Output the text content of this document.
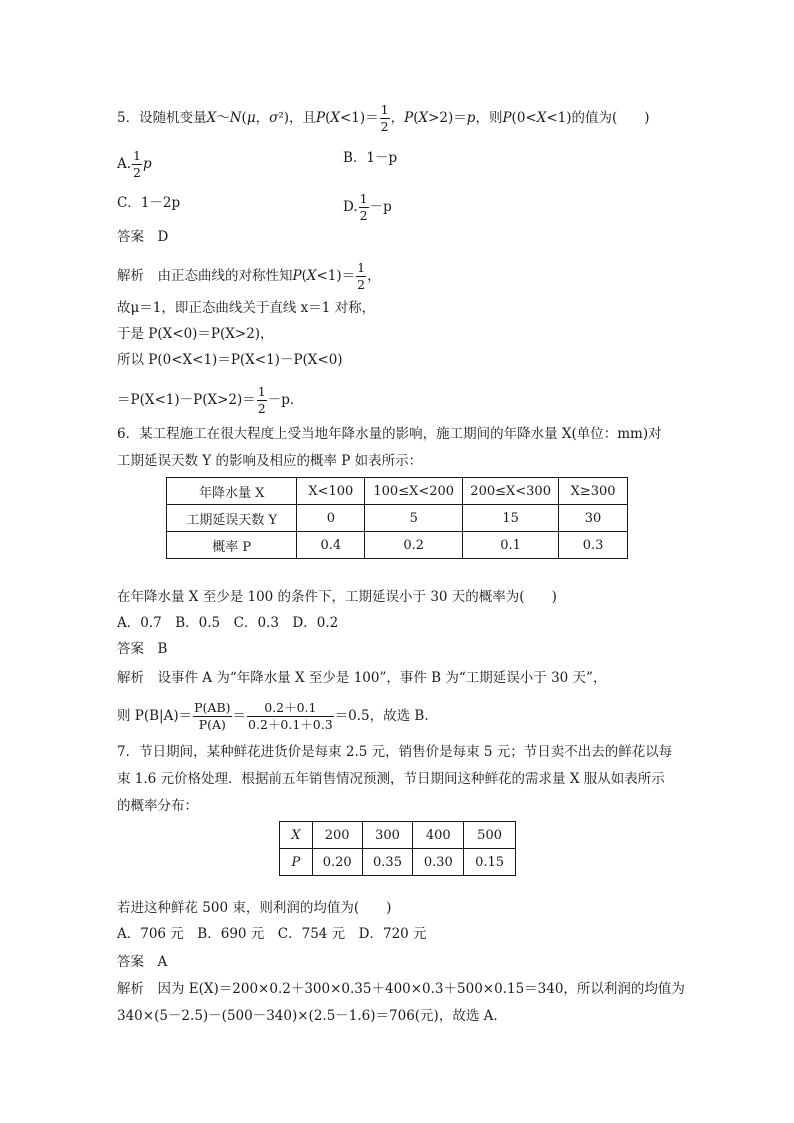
5．设随机变量X～N(μ，σ²)，且$P(X<1)= \frac{1}{2}$ ，P(X>2)＝p，则P(0<X<1)的值为(　　)
A. $\frac{1}{2}$ p	B．1－p
C．1－2p	D. $\frac{1}{2} -p$
答案　 D
解析　 由正态曲线的对称性知$P(X<1)= \frac{1}{2}$ ，
故μ＝1，即正态曲线关于直线 x＝1 对称，
于是 P(X<0)＝P(X>2)，
所以 P(0<X<1)＝P(X<1)－P(X<0)
$=P(X<1)-P(X>2)= \frac{1}{2} -p$.
6．某工程施工在很大程度上受当地年降水量的影响，施工期间的年降水量 X(单位：mm)对
工期延误天数 Y 的影响及相应的概率 P 如表所示：
年降水量 X	X<100	100≤X<200	200≤X<300	X≥300
工期延误天数 Y	0	5	15	30
概率 P	0.4	0.2	0.1	0.3
在年降水量 X 至少是 100 的条件下，工期延误小于 30 天的概率为(　　)
A．0.7　B．0.5　C．0.3　D．0.2
答案　 B
解析　 设事件 A 为“年降水量 X 至少是 100”，事件 B 为“工期延误小于 30 天”，
则 $P(B|A)= \frac{P(AB)}{P(A)} = \frac{0.2+0.1}{0.2+0.1+0.3} =0.5$，故选 B.
7．节日期间，某种鲜花进货价是每束 2.5 元，销售价是每束 5 元；节日卖不出去的鲜花以每
束 1.6 元价格处理．根据前五年销售情况预测，节日期间这种鲜花的需求量 X 服从如表所示
的概率分布：
X	200	300	400	500
P	0.20	0.35	0.30	0.15
若进这种鲜花 500 束，则利润的均值为(　　)
A．706 元　B．690 元　C．754 元　D．720 元
答案　 A
解析　 因为 E(X)＝200×0.2＋300×0.35＋400×0.3＋500×0.15＝340，所以利润的均值为
340×(5－2.5)－(500－340)×(2.5－1.6)＝706(元)，故选 A.
